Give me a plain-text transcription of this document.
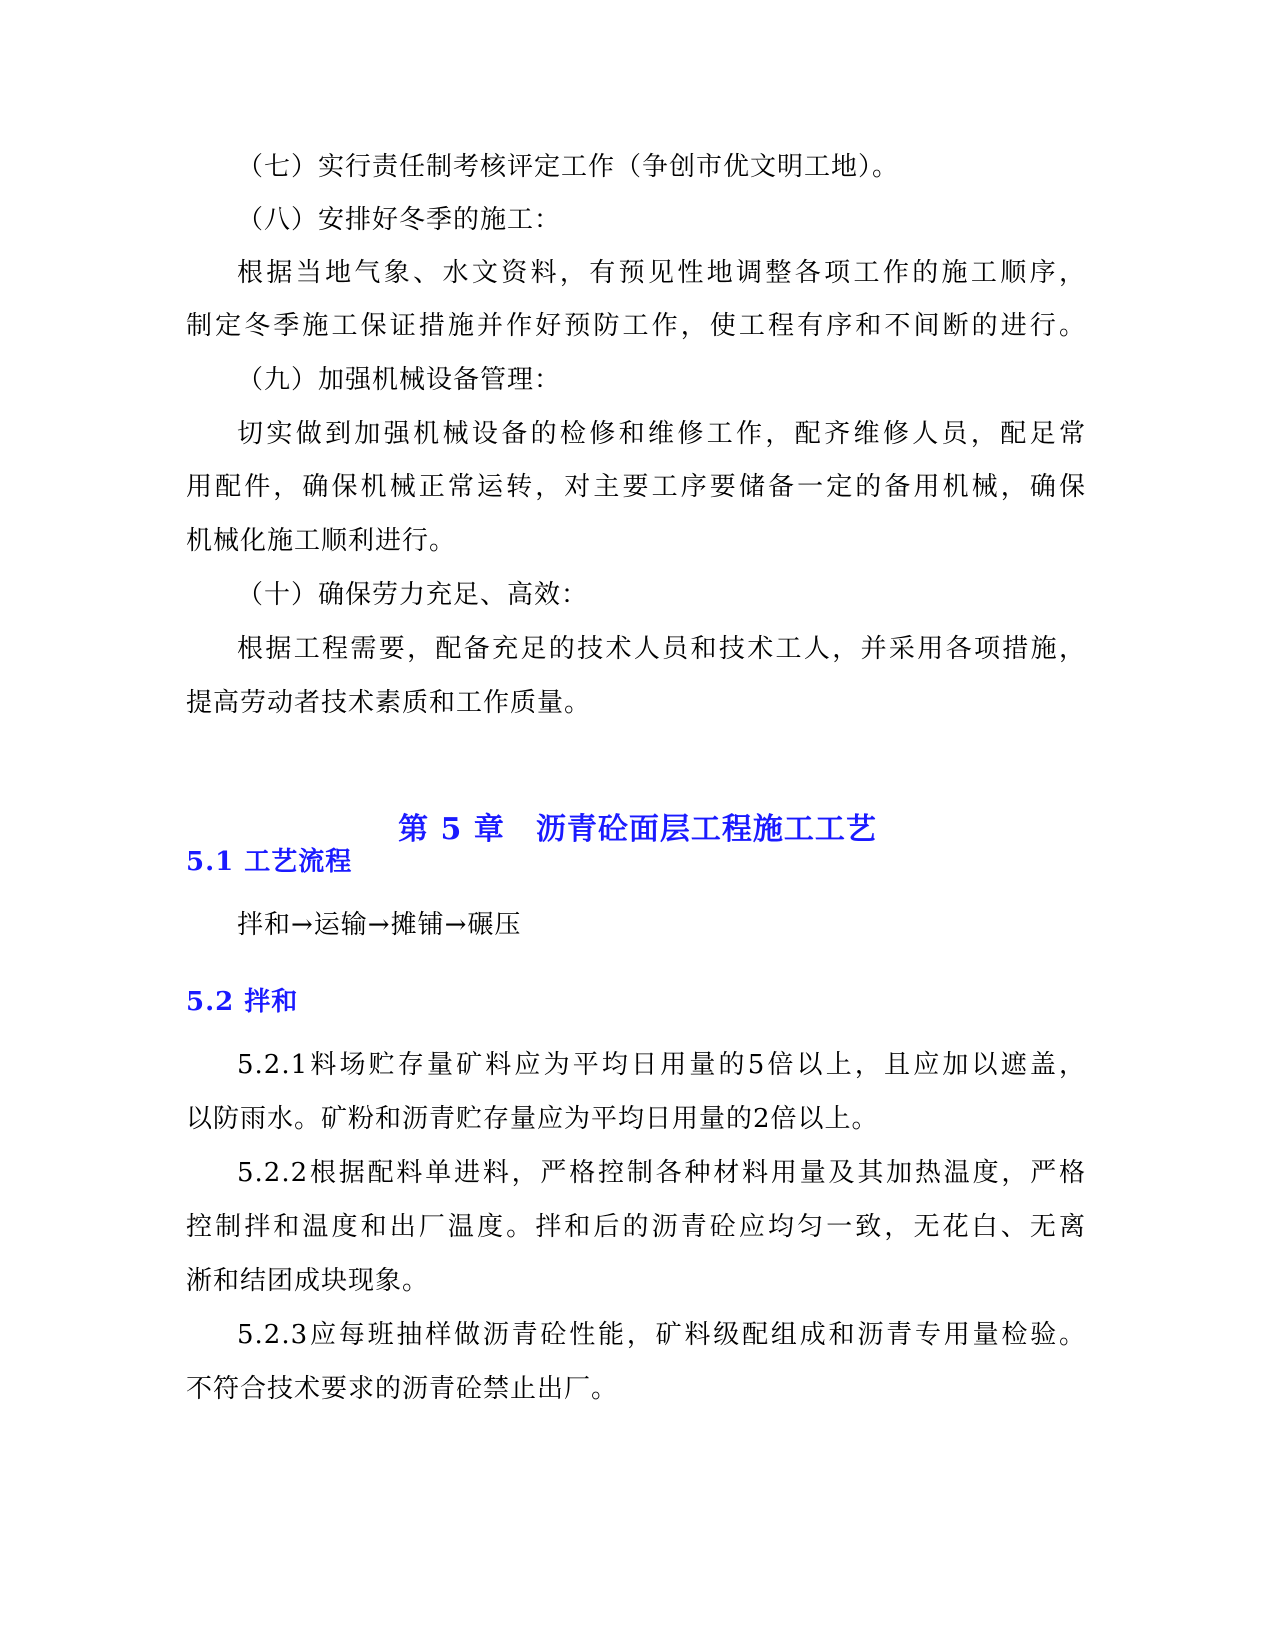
（七）实行责任制考核评定工作（争创市优文明工地）。
（八）安排好冬季的施工：
根据当地气象、水文资料，有预见性地调整各项工作的施工顺序，
制定冬季施工保证措施并作好预防工作，使工程有序和不间断的进行。
（九）加强机械设备管理：
切实做到加强机械设备的检修和维修工作，配齐维修人员，配足常
用配件，确保机械正常运转，对主要工序要储备一定的备用机械，确保
机械化施工顺利进行。
（十）确保劳力充足、高效：
根据工程需要，配备充足的技术人员和技术工人，并采用各项措施，
提高劳动者技术素质和工作质量。
第 5 章　沥青砼面层工程施工工艺
5.1 工艺流程
拌和→运输→摊铺→碾压
5.2 拌和
5.2.1料场贮存量矿料应为平均日用量的5倍以上，且应加以遮盖，
以防雨水。矿粉和沥青贮存量应为平均日用量的2倍以上。
5.2.2根据配料单进料，严格控制各种材料用量及其加热温度，严格
控制拌和温度和出厂温度。拌和后的沥青砼应均匀一致，无花白、无离
淅和结团成块现象。
5.2.3应每班抽样做沥青砼性能，矿料级配组成和沥青专用量检验。
不符合技术要求的沥青砼禁止出厂。
